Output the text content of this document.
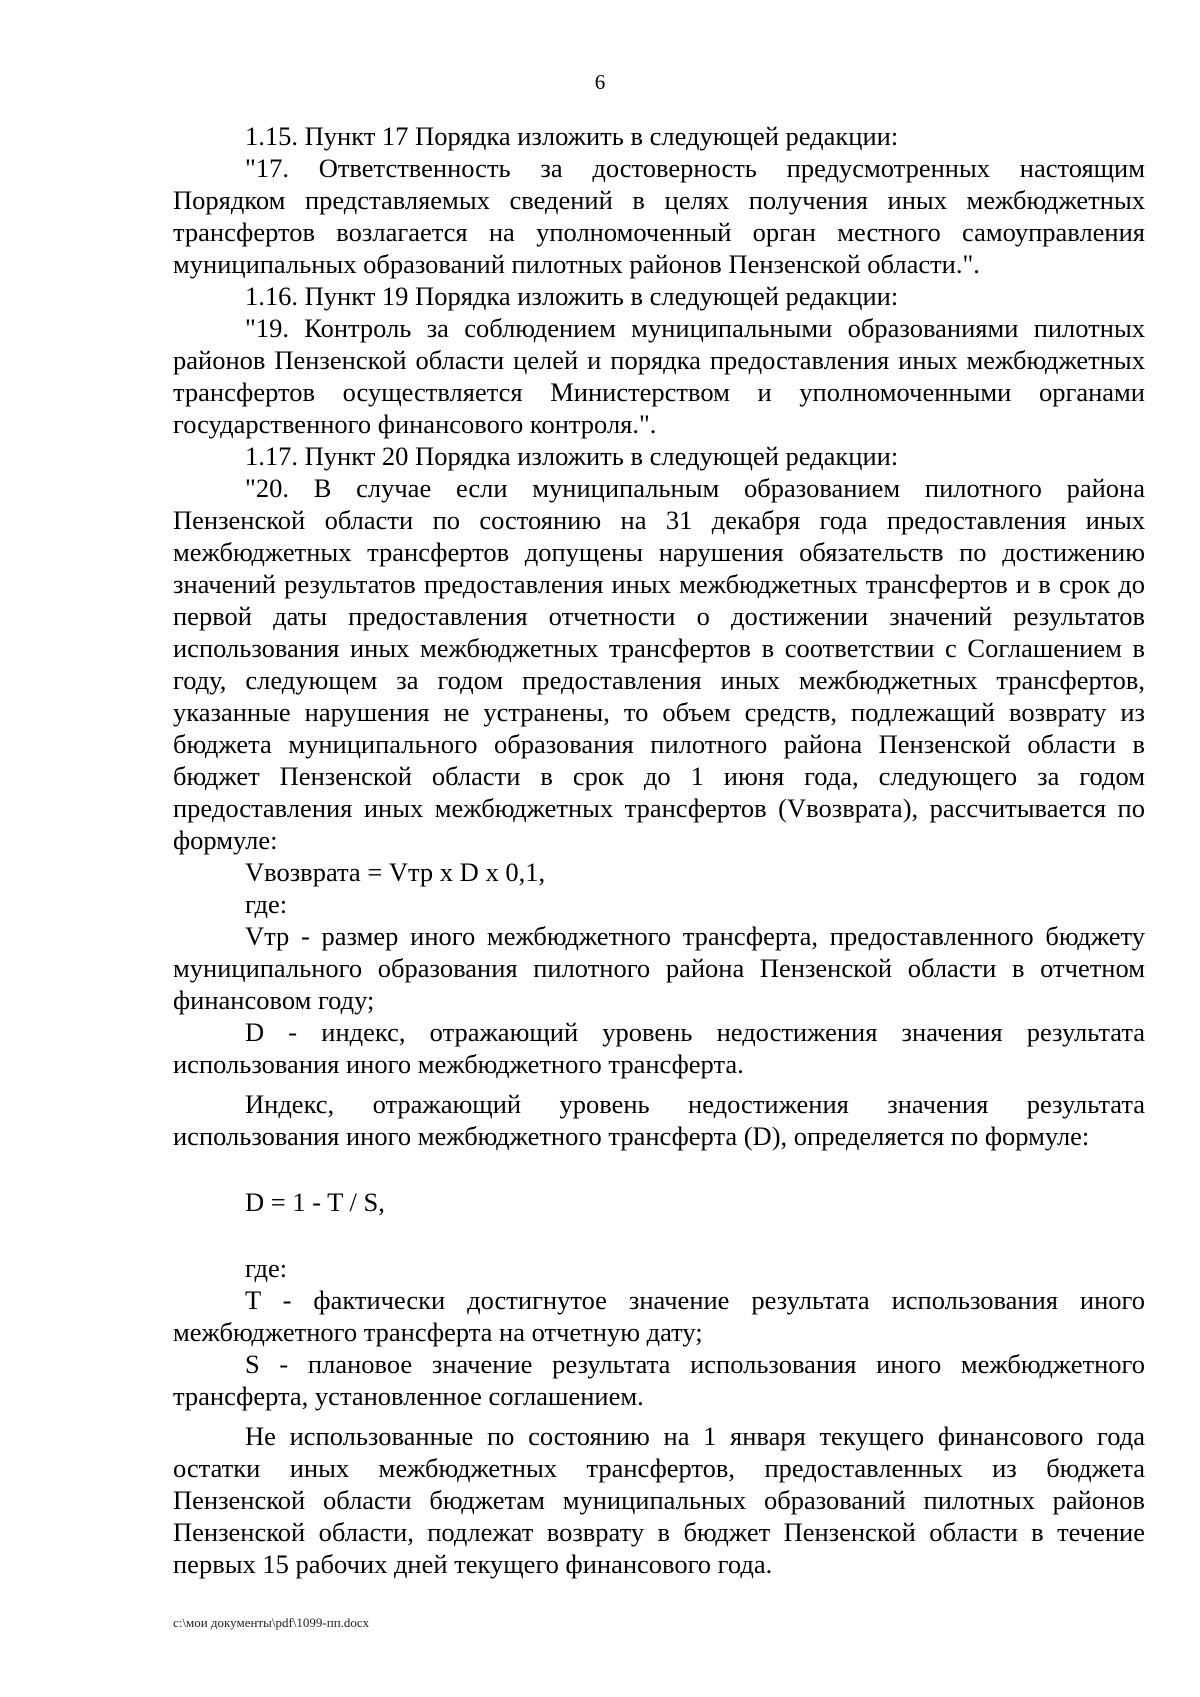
6

1.15. Пункт 17 Порядка изложить в следующей редакции:

"17. Ответственность за достоверность предусмотренных настоящим Порядком представляемых сведений в целях получения иных межбюджетных трансфертов возлагается на уполномоченный орган местного самоуправления муниципальных образований пилотных районов Пензенской области.".

1.16. Пункт 19 Порядка изложить в следующей редакции:

"19. Контроль за соблюдением муниципальными образованиями пилотных районов Пензенской области целей и порядка предоставления иных межбюджетных трансфертов осуществляется Министерством и уполномоченными органами государственного финансового контроля.".

1.17. Пункт 20 Порядка изложить в следующей редакции:

"20. В случае если муниципальным образованием пилотного района Пензенской области по состоянию на 31 декабря года предоставления иных межбюджетных трансфертов допущены нарушения обязательств по достижению значений результатов предоставления иных межбюджетных трансфертов и в срок до первой даты предоставления отчетности о достижении значений результатов использования иных межбюджетных трансфертов в соответствии с Соглашением в году, следующем за годом предоставления иных межбюджетных трансфертов, указанные нарушения не устранены, то объем средств, подлежащий возврату из бюджета муниципального образования пилотного района Пензенской области в бюджет Пензенской области в срок до 1 июня года, следующего за годом предоставления иных межбюджетных трансфертов (Vвозврата), рассчитывается по формуле:

Vвозврата = Vтр x D x 0,1,

где:

Vтр - размер иного межбюджетного трансферта, предоставленного бюджету муниципального образования пилотного района Пензенской области в отчетном финансовом году;

D - индекс, отражающий уровень недостижения значения результата использования иного межбюджетного трансферта.

Индекс, отражающий уровень недостижения значения результата использования иного межбюджетного трансферта (D), определяется по формуле:

D = 1 - T / S,

где:

T - фактически достигнутое значение результата использования иного межбюджетного трансферта на отчетную дату;

S - плановое значение результата использования иного межбюджетного трансферта, установленное соглашением.

Не использованные по состоянию на 1 января текущего финансового года остатки иных межбюджетных трансфертов, предоставленных из бюджета Пензенской области бюджетам муниципальных образований пилотных районов Пензенской области, подлежат возврату в бюджет Пензенской области в течение первых 15 рабочих дней текущего финансового года.

c:\мои документы\pdf\1099-пп.docx
